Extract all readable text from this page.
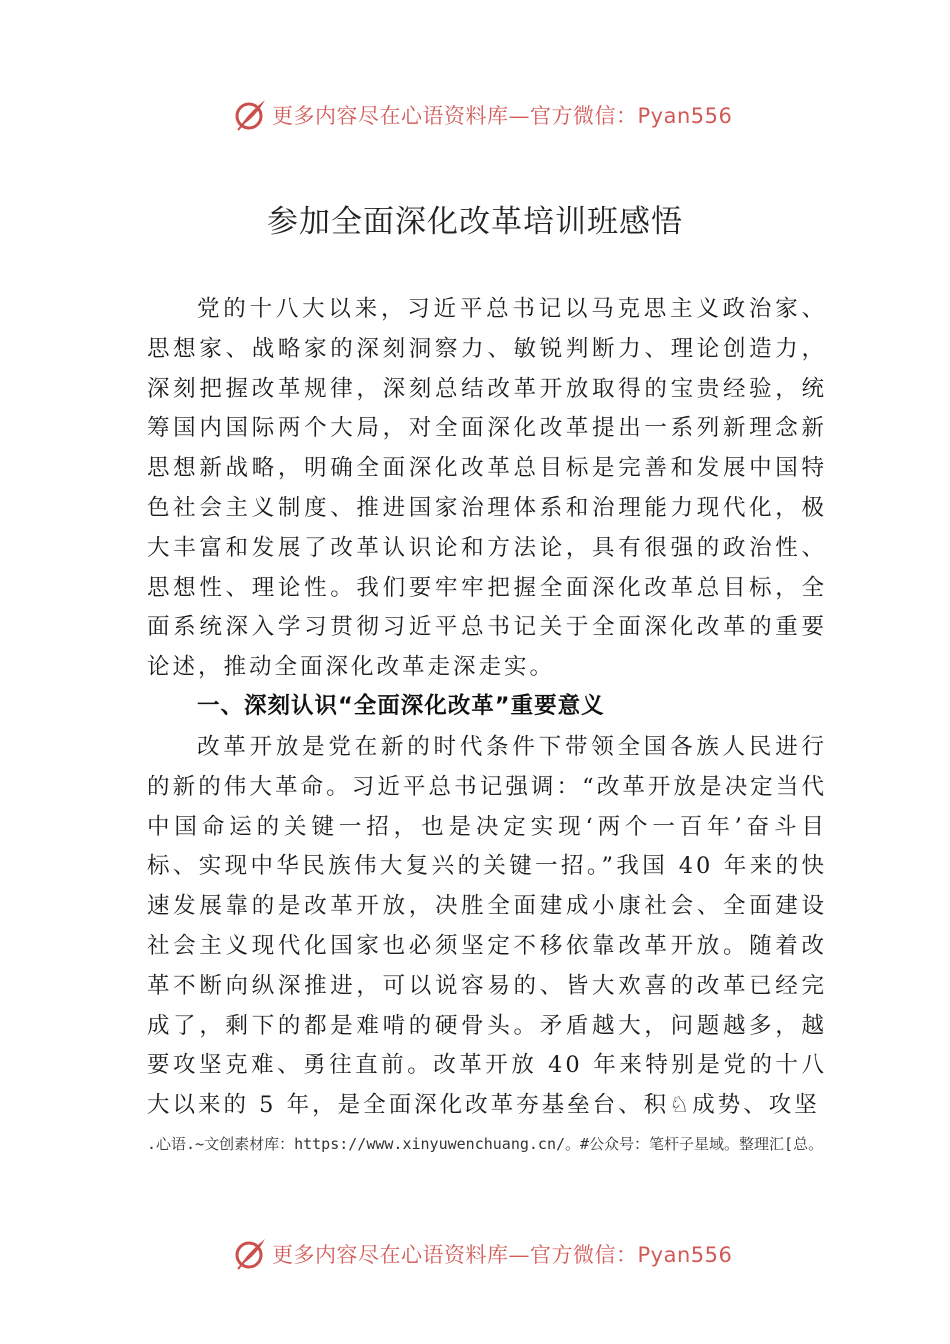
更多内容尽在心语资料库—官方微信：Pyan556
参加全面深化改革培训班感悟

党的十八大以来，习近平总书记以马克思主义政治家、思想家、战略家的深刻洞察力、敏锐判断力、理论创造力， 深刻把握改革规律，深刻总结改革开放取得的宝贵经验，统筹国内国际两个大局，对全面深化改革提出一系列新理念新思想新战略，明确全面深化改革总目标是完善和发展中国特色社会主义制度、推进国家治理体系和治理能力现代化，极大丰富和发展了改革认识论和方法论，具有很强的政治性、 思想性、理论性。我们要牢牢把握全面深化改革总目标，全面系统深入学习贯彻习近平总书记关于全面深化改革的重要论述，推动全面深化改革走深走实。

一、深刻认识“全面深化改革”重要意义

改革开放是党在新的时代条件下带领全国各族人民进行的新的伟大革命。习近平总书记强调：“改革开放是决定当代中国命运的关键一招，也是决定实现‘两个一百年’奋斗目标、实现中华民族伟大复兴的关键一招。”我国 40 年来的快速发展靠的是改革开放，决胜全面建成小康社会、全面建设社会主义现代化国家也必须坚定不移依靠改革开放。随着改革不断向纵深推进，可以说容易的、皆大欢喜的改革已经完成了，剩下的都是难啃的硬骨头。矛盾越大，问题越多，越要攻坚克难、勇往直前。改革开放 40 年来特别是党的十八大以来的 5 年，是全面深化改革夯基垒台、积♘成势、攻坚

.心语.~文创素材库：https://www.xinyuwenchuang.cn/。#公众号：笔杆子星域。整理汇[总。

更多内容尽在心语资料库—官方微信：Pyan556
